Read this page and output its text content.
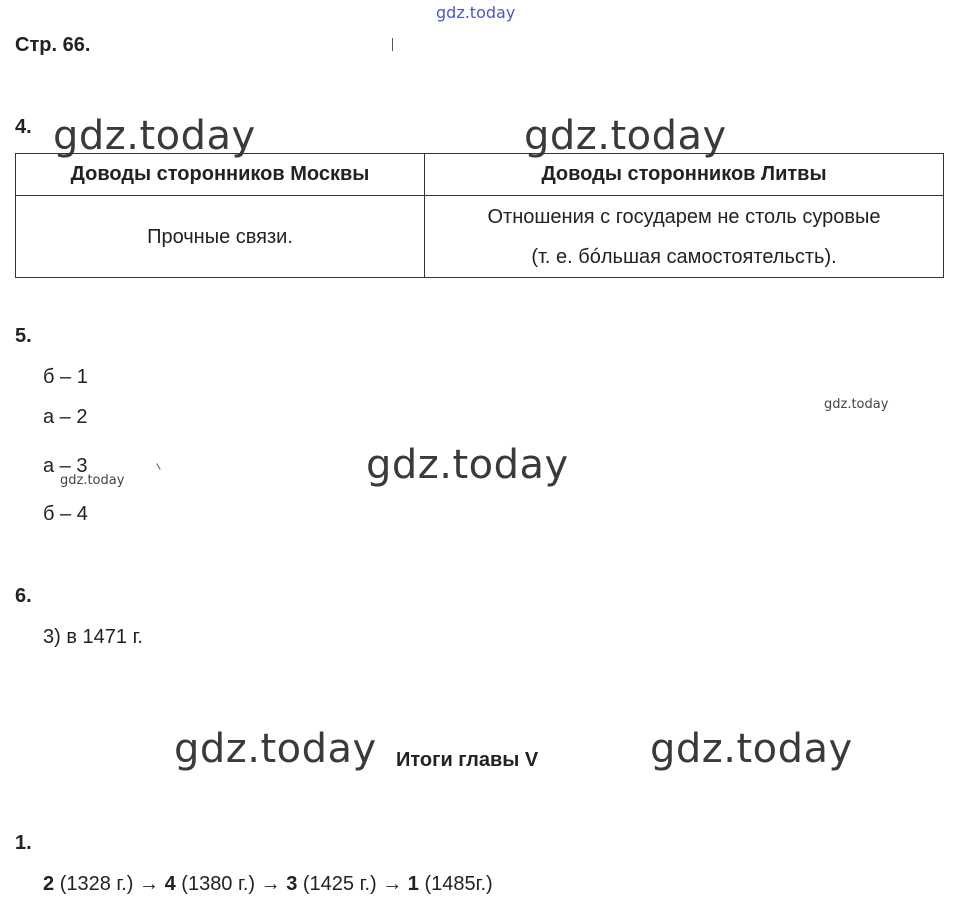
gdz.today
gdz.today	gdz.today
gdz.today
gdz.today
gdz.today
gdz.today	gdz.today
Стр. 66.
4.
Доводы сторонников Москвы	Доводы сторонников Литвы
Прочные связи.	Отношения с государем не столь суровые
(т. е. бóльшая самостоятельсть).
5.
б – 1
а – 2
а – 3
б – 4
6.
3) в 1471 г.
Итоги главы V
1.
2 (1328 г.) → 4 (1380 г.) → 3 (1425 г.) → 1 (1485г.)
